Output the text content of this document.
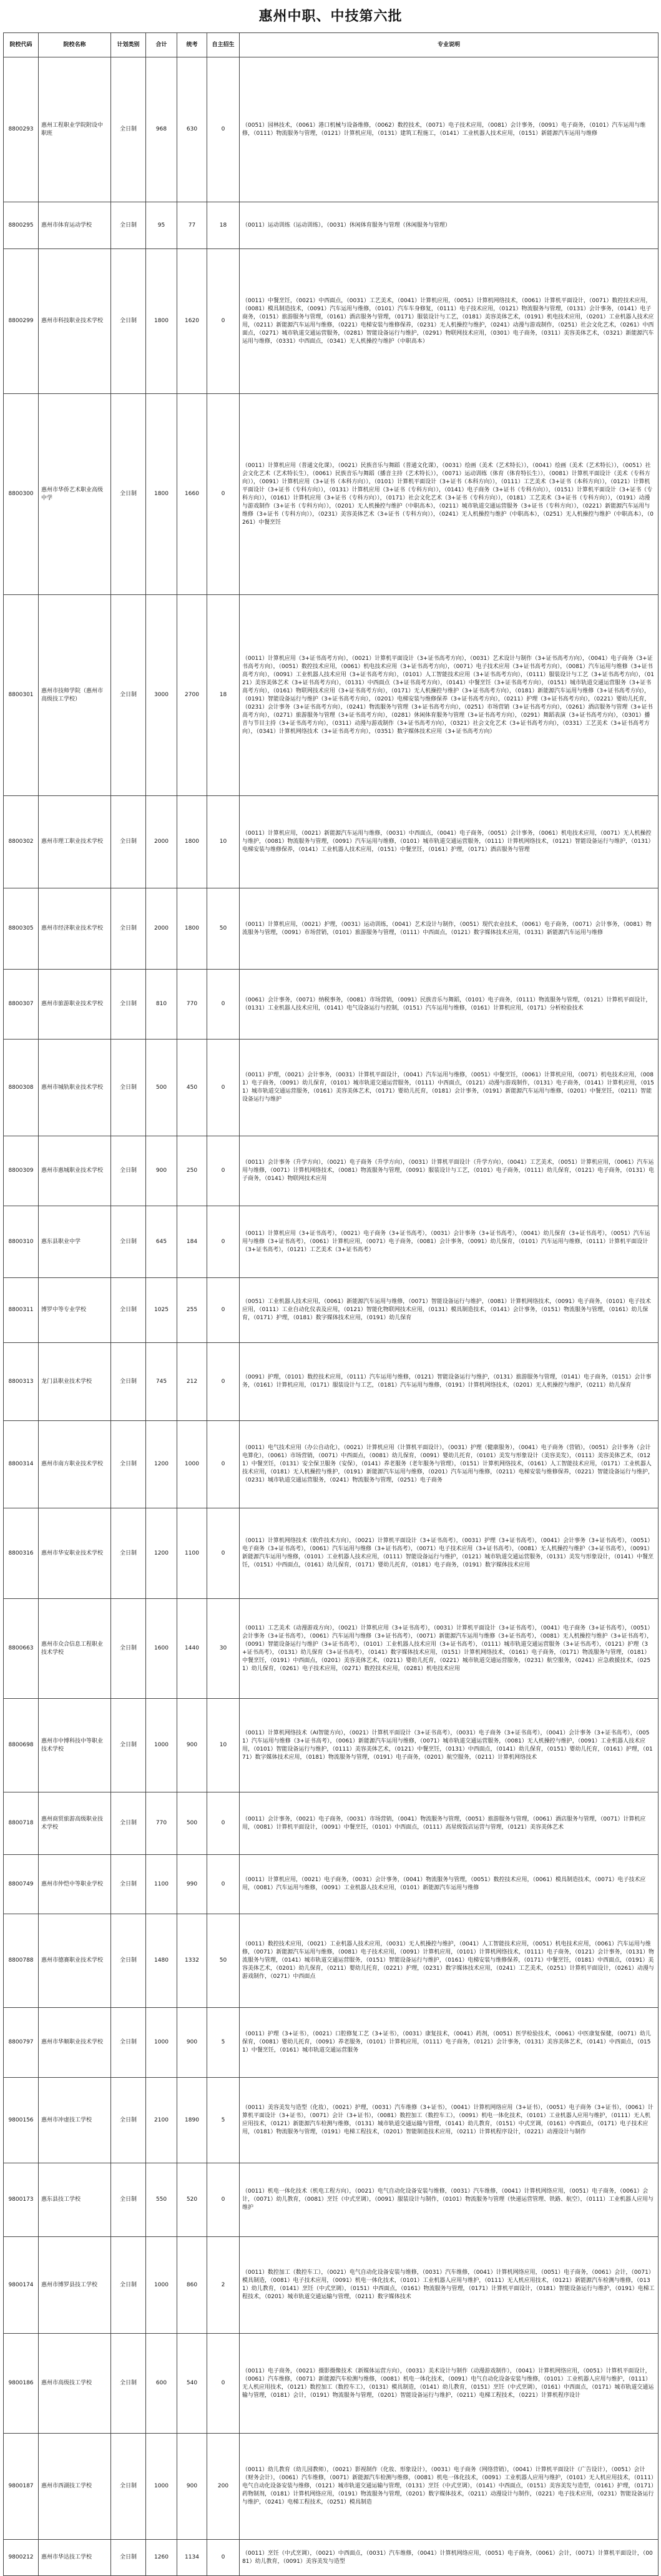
惠州中职、中技第六批
院校代码	院校名称	计划类别	合计	统考	自主招生	专业说明
8800293	惠州工程职业学院附设中职班	全日制	968	630	0	（0051）园林技术，（0061）港口机械与设备维修，（0062）数控技术，（0071）电子技术应用，（0081）会计事务，（0091）电子商务，（0101）汽车运用与维修，（0111）物流服务与管理，（0121）计算机应用，（0131）建筑工程施工，（0141）工业机器人技术应用，（0151）新能源汽车运用与维修
8800295	惠州市体育运动学校	全日制	95	77	18	（0011）运动训练（运动训练），（0031）休闲体育服务与管理（休闲服务与管理）
8800299	惠州市科技职业技术学校	全日制	1800	1620	0	（0011）中餐烹饪，（0021）中西面点，（0031）工艺美术，（0041）计算机应用，（0051）计算机网络技术，（0061）计算机平面设计，（0071）数控技术应用，（0081）模具制造技术，（0091）汽车运用与维修，（0101）汽车车身修复，（0111）电子技术应用，（0121）物流服务与管理，（0131）会计事务，（0141）电子商务，（0151）旅游服务与管理，（0161）酒店服务与管理，（0171）服装设计与工艺，（0181）美容美体艺术，（0191）机电技术应用，（0201）工业机器人技术应用，（0211）新能源汽车运用与维修，（0221）电梯安装与维修保养，（0231）无人机操控与维护，（0241）动漫与游戏制作，（0251）社会文化艺术，（0261）中西面点，（0271）城市轨道交通运营服务，（0281）智能设备运行与维护，（0291）物联网技术应用，（0301）电子商务，（0311）美容美体艺术，（0321）新能源汽车运用与维修，（0331）中西面点，（0341）无人机操控与维护（中职高本）
8800300	惠州市华侨艺术职业高级中学	全日制	1800	1660	0	（0011）计算机应用（普通文化课），（0021）民族音乐与舞蹈（普通文化课），（0031）绘画（美术（艺术特长）），（0041）绘画（美术（艺术特长）），（0051）社会文化艺术（艺术特长生），（0061）民族音乐与舞蹈（播音主持（艺术特长）），（0071）运动训练（体育（体育特长生）），（0081）计算机平面设计（美术（专科方向）），（0091）计算机应用（3+证书（本科方向）），（0101）计算机平面设计（3+证书（本科方向）），（0111）工艺美术（3+证书（本科方向）），（0121）计算机平面设计（3+证书（专科方向）），（0131）计算机应用（3+证书（专科方向）），（0141）电子商务（3+证书（专科方向）），（0151）计算机平面设计（3+证书（专科方向）），（0161）计算机应用（3+证书（专科方向）），（0171）社会文化艺术（3+证书（专科方向）），（0181）工艺美术（3+证书（专科方向）），（0191）动漫与游戏制作（3+证书（专科方向）），（0201）无人机操控与维护（中职高本），（0211）城市轨道交通运营服务（3+证书（专科方向）），（0221）新能源汽车运用与维修（3+证书（专科方向）），（0231）美容美体艺术（3+证书（专科方向）），（0241）无人机操控与维护（中职高本），（0251）无人机操控与维护（中职高本），（0261）中餐烹饪
8800301	惠州市技师学院（惠州市高级技工学校）	全日制	3000	2700	18	（0011）计算机应用（3+证书高考方向），（0021）计算机平面设计（3+证书高考方向），（0031）艺术设计与制作（3+证书高考方向），（0041）电子商务（3+证书高考方向），（0051）数控技术应用，（0061）机电技术应用（3+证书高考方向），（0071）电子技术应用（3+证书高考方向），（0081）汽车运用与维修（3+证书高考方向），（0091）工业机器人技术应用（3+证书高考方向），（0101）人工智能技术应用（3+证书高考方向），（0111）服装设计与工艺（3+证书高考方向），（0121）美容美体艺术（3+证书高考方向），（0131）中西面点（3+证书高考方向），（0141）中餐烹饪（3+证书高考方向），（0151）城市轨道交通运营服务（3+证书高考方向），（0161）物联网技术应用（3+证书高考方向），（0171）无人机操控与维护（3+证书高考方向），（0181）新能源汽车运用与维修（3+证书高考方向），（0191）智能设备运行与维护（3+证书高考方向），（0201）电梯安装与维修保养（3+证书高考方向），（0211）护理（3+证书高考方向），（0221）婴幼儿托育，（0231）会计事务（3+证书高考方向），（0241）物流服务与管理（3+证书高考方向），（0251）市场营销（3+证书高考方向），（0261）酒店服务与管理（3+证书高考方向），（0271）旅游服务与管理（3+证书高考方向），（0281）休闲体育服务与管理（3+证书高考方向），（0291）舞蹈表演（3+证书高考方向），（0301）播音与节目主持（3+证书高考方向），（0311）动漫与游戏制作（3+证书高考方向），（0321）社会文化艺术（3+证书高考方向），（0331）工艺美术（3+证书高考方向），（0341）计算机网络技术（3+证书高考方向），（0351）数字媒体技术应用（3+证书高考方向）
8800302	惠州市理工职业技术学校	全日制	2000	1800	10	（0011）计算机应用，（0021）新能源汽车运用与维修，（0031）中西面点，（0041）电子商务，（0051）会计事务，（0061）机电技术应用，（0071）无人机操控与维护，（0081）物流服务与管理，（0091）汽车运用与维修，（0101）城市轨道交通运营服务，（0111）计算机网络技术，（0121）智能设备运行与维护，（0131）电梯安装与维修保养，（0141）工业机器人技术应用，（0151）中餐烹饪，（0161）护理，（0171）酒店服务与管理
8800305	惠州市经济职业技术学校	全日制	2000	1800	50	（0011）计算机应用，（0021）护理，（0031）运动训练，（0041）艺术设计与制作，（0051）现代农业技术，（0061）电子商务，（0071）会计事务，（0081）物流服务与管理，（0091）市场营销，（0101）旅游服务与管理，（0111）中西面点，（0121）数字媒体技术应用，（0131）新能源汽车运用与维修
8800307	惠州市旅游职业技术学校	全日制	810	770	0	（0061）会计事务，（0071）纳税事务，（0081）市场营销，（0091）民族音乐与舞蹈，（0101）电子商务，（0111）物流服务与管理，（0121）计算机平面设计，（0131）工业机器人技术应用，（0141）电气设备运行与控制，（0151）汽车运用与维修，（0161）计算机应用，（0171）分析检验技术
8800308	惠州市城轨职业技术学校	全日制	500	450	0	（0011）护理，（0021）会计事务，（0031）计算机平面设计，（0041）汽车运用与维修，（0051）中餐烹饪，（0061）计算机应用，（0071）机电技术应用，（0081）电子商务，（0091）幼儿保育，（0101）城市轨道交通运营服务，（0111）中西面点，（0121）动漫与游戏制作，（0131）电子商务，（0141）计算机应用，（0151）城市轨道交通运营服务，（0161）美容美体艺术，（0171）婴幼儿托育，（0181）会计事务，（0191）新能源汽车运用与维修，（0201）中餐烹饪，（0211）智能设备运行与维护
8800309	惠州市惠城职业技术学校	全日制	900	250	0	（0011）会计事务（升学方向），（0021）电子商务（升学方向），（0031）计算机平面设计（升学方向），（0041）工艺美术，（0051）计算机应用，（0061）汽车运用与维修，（0071）计算机网络技术，（0081）物流服务与管理，（0091）服装设计与工艺，（0101）电子商务，（0111）幼儿保育，（0121）电子商务，（0131）电子商务，（0141）物联网技术应用
8800310	惠东县职业中学	全日制	645	184	0	（0011）计算机应用（3+证书高考），（0021）电子商务（3+证书高考），（0031）会计事务（3+证书高考），（0041）幼儿保育（3+证书高考），（0051）汽车运用与维修（3+证书高考），（0061）计算机应用，（0071）电子商务，（0081）会计事务，（0091）幼儿保育，（0101）汽车运用与维修，（0111）计算机平面设计（3+证书高考），（0121）工艺美术（3+证书高考）
8800311	博罗中等专业学校	全日制	1025	255	0	（0051）工业机器人技术应用，（0061）新能源汽车运用与维修，（0071）智能设备运行与维护，（0081）计算机网络技术，（0091）电子商务，（0101）电子技术应用，（0111）工业自动化仪表及应用，（0121）智能化物联网技术应用，（0131）模具制造技术，（0141）会计事务，（0151）物流服务与管理，（0161）幼儿保育，（0171）护理，（0181）数字媒体技术应用，（0191）幼儿保育
8800313	龙门县职业技术学校	全日制	745	212	0	（0091）护理，（0101）数控技术应用，（0111）汽车运用与维修，（0121）智能设备运行与维护，（0131）旅游服务与管理，（0141）电子商务，（0151）会计事务，（0161）计算机应用，（0171）服装设计与工艺，（0181）汽车运用与维修，（0191）计算机网络技术，（0201）无人机操控与维护，（0211）幼儿保育
8800314	惠州市南方职业技术学校	全日制	1200	1000	0	（0011）电气技术应用（办公自动化），（0021）计算机应用（计算机平面设计），（0031）护理（健康服务），（0041）电子商务（营销），（0051）会计事务（会计电算化），（0061）市场营销，（0071）中西面点，（0081）幼儿保育，（0091）婴幼儿托育，（0101）美发与形象设计（美容美发），（0111）美容美体艺术，（0121）中餐烹饪，（0131）安全保卫服务（安保），（0141）养老服务（老年服务与管理），（0151）计算机网络技术，（0161）人工智能技术应用，（0171）工业机器人技术应用，（0181）无人机操控与维护，（0191）新能源汽车运用与维修，（0201）汽车运用与维修，（0211）电梯安装与维修保养，（0221）智能设备运行与维护，（0231）城市轨道交通运营服务，（0241）物流服务与管理，（0251）电子商务
8800316	惠州市华安职业技术学校	全日制	1200	1100	0	（0011）计算机网络技术（软件技术方向），（0021）计算机平面设计（3+证书高考），（0031）护理（3+证书高考），（0041）会计事务（3+证书高考），（0051）电子商务（3+证书高考），（0061）汽车运用与维修（3+证书高考），（0071）电子技术应用（3+证书高考），（0081）无人机操控与维护（3+证书高考），（0091）新能源汽车运用与维修，（0101）工业机器人技术应用，（0111）智能设备运行与维护，（0121）城市轨道交通运营服务，（0131）美发与形象设计，（0141）中餐烹饪，（0151）中西面点，（0161）幼儿保育，（0171）婴幼儿托育，（0181）电子商务，（0191）数字媒体技术应用
8800663	惠州市众合信息工程职业技术学校	全日制	1600	1440	30	（0011）工艺美术（动漫游戏方向），（0021）计算机应用（3+证书高考），（0031）计算机平面设计（3+证书高考），（0041）电子商务（3+证书高考），（0051）会计事务（3+证书高考），（0061）汽车运用与维修（3+证书高考），（0071）新能源汽车运用与维修（3+证书高考），（0081）无人机操控与维护（3+证书高考），（0091）智能设备运行与维护（3+证书高考），（0101）工业机器人技术应用（3+证书高考），（0111）城市轨道交通运营服务（3+证书高考），（0121）护理（3+证书高考），（0131）幼儿保育（3+证书高考），（0141）数字媒体技术应用，（0151）计算机网络技术，（0161）电子商务，（0171）物流服务与管理，（0181）中餐烹饪，（0191）中西面点，（0201）美容美体艺术，（0211）婴幼儿托育，（0221）城市轨道交通运营服务，（0231）航空服务，（0241）应急救援技术，（0251）幼儿保育，（0261）电子技术应用，（0271）数控技术应用，（0281）机电技术应用
8800698	惠州市中博科技中等职业技术学校	全日制	1000	900	10	（0011）计算机网络技术（AI智能方向），（0021）计算机平面设计（3+证书高考），（0031）电子商务（3+证书高考），（0041）会计事务（3+证书高考），（0051）汽车运用与维修（3+证书高考），（0061）新能源汽车运用与维修，（0071）城市轨道交通运营服务，（0081）无人机操控与维护，（0091）工业机器人技术应用，（0101）智能设备运行与维护，（0111）美容美体艺术，（0121）中餐烹饪，（0131）中西面点，（0141）幼儿保育，（0151）婴幼儿托育，（0161）护理，（0171）数字媒体技术应用，（0181）物流服务与管理，（0191）电子商务，（0201）航空服务，（0211）计算机网络技术
8800718	惠州商贸旅游高级职业技术学校	全日制	770	500	0	（0011）会计事务，（0021）电子商务，（0031）市场营销，（0041）物流服务与管理，（0051）旅游服务与管理，（0061）酒店服务与管理，（0071）计算机应用，（0081）计算机平面设计，（0091）中餐烹饪，（0101）中西面点，（0111）高星级饭店运营与管理，（0121）美容美体艺术
8800749	惠州市仲恺中等职业学校	全日制	1100	990	0	（0011）计算机应用，（0021）电子商务，（0031）会计事务，（0041）物流服务与管理，（0051）数控技术应用，（0061）模具制造技术，（0071）电子技术应用，（0081）汽车运用与维修，（0091）工业机器人技术应用，（0101）新能源汽车运用与维修
8800788	惠州市德赛职业技术学校	全日制	1480	1332	50	（0011）数控技术应用，（0021）工业机器人技术应用，（0031）无人机操控与维护，（0041）人工智能技术应用，（0051）机电技术应用，（0061）汽车运用与维修，（0071）新能源汽车运用与维修，（0081）电子技术应用，（0091）计算机应用，（0101）计算机网络技术，（0111）电子商务，（0121）会计事务，（0131）物流服务与管理，（0141）城市轨道交通运营服务，（0151）智能设备运行与维护，（0161）电梯安装与维修保养，（0171）中餐烹饪，（0181）中西面点，（0191）美容美体艺术，（0201）幼儿保育，（0211）婴幼儿托育，（0221）护理，（0231）数字媒体技术应用，（0241）工艺美术，（0251）计算机平面设计，（0261）动漫与游戏制作，（0271）中西面点
8800797	惠州市华顺职业技术学校	全日制	1000	900	5	（0011）护理（3+证书），（0021）口腔修复工艺（3+证书），（0031）康复技术，（0041）药剂，（0051）医学检验技术，（0061）中医康复保健，（0071）幼儿保育，（0081）婴幼儿托育，（0091）养老服务，（0101）计算机应用，（0111）电子商务，（0121）会计事务，（0131）美容美体艺术，（0141）中西面点，（0151）中餐烹饪，（0161）城市轨道交通运营服务
9800156	惠州市冲虚技工学校	全日制	2100	1890	5	（0011）美容美发与造型（化妆），（0021）护理，（0031）汽车维修（3+证书），（0041）计算机网络应用（3+证书），（0051）电子商务（3+证书），（0061）计算机平面设计（3+证书），（0071）会计（3+证书），（0081）数控加工（数控车工），（0091）机电一体化技术，（0101）工业机器人应用与维护，（0111）无人机应用技术，（0121）新能源汽车检测与维修，（0131）城市轨道交通运输与管理，（0141）幼儿教育，（0151）中式烹调，（0161）中西面点，（0171）电子技术应用，（0181）物流服务与管理，（0191）电梯工程技术，（0201）智能制造技术应用，（0211）计算机程序设计，（0221）动漫设计与制作
9800173	惠东县技工学校	全日制	550	520	0	（0011）机电一体化技术（机电工程方向），（0021）电气自动化设备安装与维修，（0031）汽车维修，（0041）计算机网络应用，（0051）电子商务，（0061）会计，（0071）幼儿教育，（0081）烹饪（中式烹调），（0091）服装设计与制作，（0101）物流服务与管理（快递运营管理、铁路、航空），（0111）工业机器人应用与维护
9800174	惠州市博罗县技工学校	全日制	1000	860	2	（0011）数控加工（数控车工），（0021）电气自动化设备安装与维修，（0031）汽车维修，（0041）计算机网络应用，（0051）电子商务，（0061）会计，（0071）模具制造，（0081）电子技术应用，（0091）机电一体化技术，（0101）工业机器人应用与维护，（0111）无人机应用技术，（0121）新能源汽车检测与维修，（0131）幼儿教育，（0141）烹饪（中式烹调），（0151）中西面点，（0161）物流服务与管理，（0171）计算机平面设计，（0181）智能设备运行与维护，（0191）电梯工程技术，（0201）城市轨道交通运输与管理，（0211）数字媒体技术
9800186	惠州市高级技工学校	全日制	600	540	0	（0011）电子商务，（0021）摄影摄像技术（新媒体运营方向），（0031）美术设计与制作（动漫游戏制作），（0041）计算机网络应用，（0051）计算机平面设计，（0061）汽车维修，（0071）新能源汽车检测与维修，（0081）机电一体化技术，（0091）电气自动化设备安装与维修，（0101）工业机器人应用与维护，（0111）无人机应用技术，（0121）数控加工（数控车工），（0131）模具制造，（0141）幼儿教育，（0151）烹饪（中式烹调），（0161）中西面点，（0171）城市轨道交通运输与管理，（0181）会计，（0191）物流服务与管理，（0201）智能设备运行与维护，（0211）电梯工程技术，（0221）计算机程序设计
9800187	惠州市西湖技工学校	全日制	1000	900	200	（0011）幼儿教育（幼儿园教师），（0021）影视制作（化妆、形象设计），（0031）电子商务（网络营销），（0041）计算机平面设计（广告设计），（0051）会计（财务会计），（0061）汽车维修，（0071）新能源汽车检测与维修，（0081）机电一体化技术，（0091）工业机器人应用与维护，（0101）无人机应用技术，（0111）电气自动化设备安装与维修，（0121）城市轨道交通运输与管理，（0131）烹饪（中式烹调），（0141）中西面点，（0151）美容美发与造型，（0161）护理，（0171）药物制剂，（0181）计算机网络应用，（0191）物流服务与管理，（0201）数字媒体技术，（0211）动漫设计与制作，（0221）电子技术应用，（0231）智能设备运行与维护，（0241）电梯工程技术，（0251）模具制造
9800212	惠州市华达技工学校	全日制	1260	1134	0	（0011）烹饪（中式烹调），（0021）中西面点，（0031）汽车维修，（0041）计算机网络应用，（0051）电子商务，（0061）会计，（0071）计算机平面设计，（0081）幼儿教育，（0091）美容美发与造型
